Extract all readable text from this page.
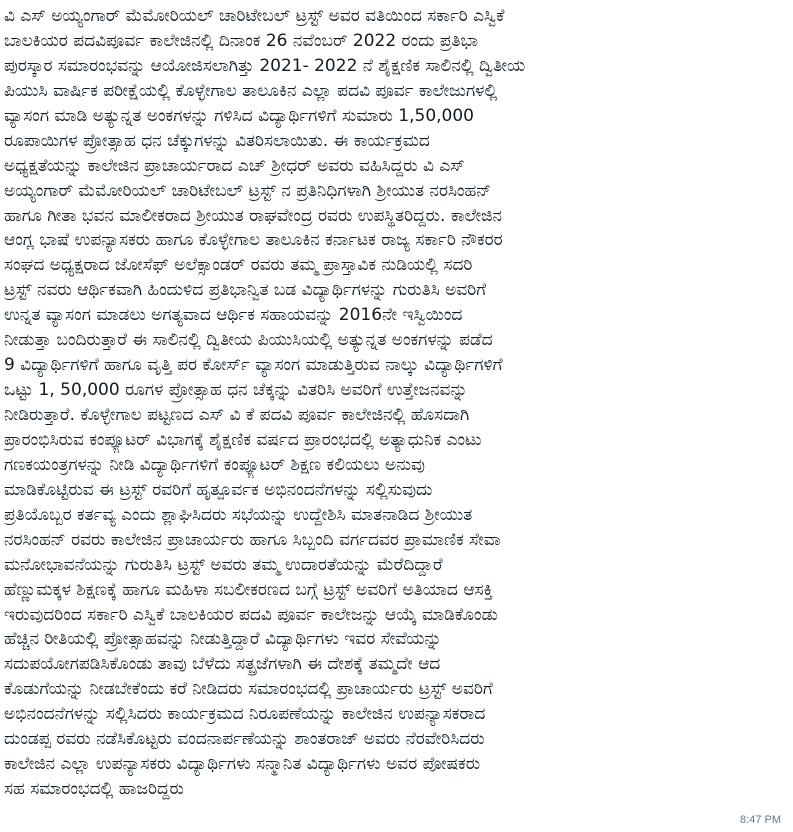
ವಿ ಎಸ್ ಅಯ್ಯಂಗಾರ್ ಮೆಮೋರಿಯಲ್ ಚಾರಿಟೇಬಲ್ ಟ್ರಸ್ಟ್ ಅವರ ವತಿಯಿಂದ ಸರ್ಕಾರಿ ಎಸ್ವಿಕೆ
ಬಾಲಕಿಯರ ಪದವಿಪೂರ್ವ ಕಾಲೇಜಿನಲ್ಲಿ ದಿನಾಂಕ 26 ನವೆಂಬರ್ 2022 ರಂದು ಪ್ರತಿಭಾ
ಪುರಸ್ಕಾರ ಸಮಾರಂಭವನ್ನು ಆಯೋಜಿಸಲಾಗಿತ್ತು 2021- 2022 ನೆ ಶೈಕ್ಷಣಿಕ ಸಾಲಿನಲ್ಲಿ ದ್ವಿತೀಯ
ಪಿಯುಸಿ ವಾರ್ಷಿಕ ಪರೀಕ್ಷೆಯಲ್ಲಿ ಕೊಳ್ಳೇಗಾಲ ತಾಲೂಕಿನ ಎಲ್ಲಾ ಪದವಿ ಪೂರ್ವ ಕಾಲೇಜುಗಳಲ್ಲಿ
ವ್ಯಾಸಂಗ ಮಾಡಿ ಅತ್ಯುನ್ನತ ಅಂಕಗಳನ್ನು ಗಳಿಸಿದ ವಿದ್ಯಾರ್ಥಿಗಳಿಗೆ ಸುಮಾರು 1,50,000
ರೂಪಾಯಿಗಳ ಪ್ರೋತ್ಸಾಹ ಧನ ಚೆಕ್ಕುಗಳನ್ನು ವಿತರಿಸಲಾಯಿತು. ಈ ಕಾರ್ಯಕ್ರಮದ
ಅಧ್ಯಕ್ಷತೆಯನ್ನು ಕಾಲೇಜಿನ ಪ್ರಾಚಾರ್ಯರಾದ ಎಚ್ ಶ್ರೀಧರ್ ಅವರು ವಹಿಸಿದ್ದರು ವಿ ಎಸ್
ಅಯ್ಯಂಗಾರ್ ಮೆಮೋರಿಯಲ್ ಚಾರಿಟೇಬಲ್ ಟ್ರಸ್ಟ್ ನ ಪ್ರತಿನಿಧಿಗಳಾಗಿ ಶ್ರೀಯುತ ನರಸಿಂಹನ್
ಹಾಗೂ ಗೀತಾ ಭವನ ಮಾಲೀಕರಾದ ಶ್ರೀಯುತ ರಾಘವೇಂದ್ರ ರವರು ಉಪಸ್ಥಿತರಿದ್ದರು. ಕಾಲೇಜಿನ
ಆಂಗ್ಲ ಭಾಷೆ ಉಪನ್ಯಾಸಕರು ಹಾಗೂ ಕೊಳ್ಳೇಗಾಲ ತಾಲೂಕಿನ ಕರ್ನಾಟಕ ರಾಜ್ಯ ಸರ್ಕಾರಿ ನೌಕರರ
ಸಂಘದ ಅಧ್ಯಕ್ಷರಾದ ಜೋಸೆಫ್ ಅಲೆಕ್ಸಾಂಡರ್ ರವರು ತಮ್ಮ ಪ್ರಾಸ್ತಾವಿಕ ನುಡಿಯಲ್ಲಿ ಸದರಿ
ಟ್ರಸ್ಟ್ ನವರು ಆರ್ಥಿಕವಾಗಿ ಹಿಂದುಳಿದ ಪ್ರತಿಭಾನ್ವಿತ ಬಡ ವಿದ್ಯಾರ್ಥಿಗಳನ್ನು ಗುರುತಿಸಿ ಅವರಿಗೆ
ಉನ್ನತ ವ್ಯಾಸಂಗ ಮಾಡಲು ಅಗತ್ಯವಾದ ಆರ್ಥಿಕ ಸಹಾಯವನ್ನು 2016ನೇ ಇಸ್ವಿಯಿಂದ
ನೀಡುತ್ತಾ ಬಂದಿರುತ್ತಾರೆ ಈ ಸಾಲಿನಲ್ಲಿ ದ್ವಿತೀಯ ಪಿಯುಸಿಯಲ್ಲಿ ಅತ್ಯುನ್ನತ ಅಂಕಗಳನ್ನು ಪಡೆದ
9 ವಿದ್ಯಾರ್ಥಿಗಳಿಗೆ ಹಾಗೂ ವೃತ್ತಿ ಪರ ಕೋರ್ಸ್ ವ್ಯಾಸಂಗ ಮಾಡುತ್ತಿರುವ ನಾಲ್ಕು ವಿದ್ಯಾರ್ಥಿಗಳಿಗೆ
ಒಟ್ಟು 1, 50,000 ರೂಗಳ ಪ್ರೋತ್ಸಾಹ ಧನ ಚೆಕ್ಕನ್ನು ವಿತರಿಸಿ ಅವರಿಗೆ ಉತ್ತೇಜನವನ್ನು
ನೀಡಿರುತ್ತಾರೆ. ಕೊಳ್ಳೇಗಾಲ ಪಟ್ಟಣದ ಎಸ್ ವಿ ಕೆ ಪದವಿ ಪೂರ್ವ ಕಾಲೇಜಿನಲ್ಲಿ ಹೊಸದಾಗಿ
ಪ್ರಾರಂಭಿಸಿರುವ ಕಂಪ್ಯೂಟರ್ ವಿಭಾಗಕ್ಕೆ ಶೈಕ್ಷಣಿಕ ವರ್ಷದ ಪ್ರಾರಂಭದಲ್ಲಿ ಅತ್ಯಾಧುನಿಕ ಎಂಟು
ಗಣಕಯಂತ್ರಗಳನ್ನು ನೀಡಿ ವಿದ್ಯಾರ್ಥಿಗಳಿಗೆ ಕಂಪ್ಯೂಟರ್ ಶಿಕ್ಷಣ ಕಲಿಯಲು ಅನುವು
ಮಾಡಿಕೊಟ್ಟಿರುವ ಈ ಟ್ರಸ್ಟ್ ರವರಿಗೆ ಹೃತ್ಪೂರ್ವಕ ಅಭಿನಂದನೆಗಳನ್ನು ಸಲ್ಲಿಸುವುದು
ಪ್ರತಿಯೊಬ್ಬರ ಕರ್ತವ್ಯ ಎಂದು ಶ್ಲಾಘಿಸಿದರು ಸಭೆಯನ್ನು ಉದ್ದೇಶಿಸಿ ಮಾತನಾಡಿದ ಶ್ರೀಯುತ
ನರಸಿಂಹನ್ ರವರು ಕಾಲೇಜಿನ ಪ್ರಾಚಾರ್ಯರು ಹಾಗೂ ಸಿಬ್ಬಂದಿ ವರ್ಗದವರ ಪ್ರಾಮಾಣಿಕ ಸೇವಾ
ಮನೋಭಾವನೆಯನ್ನು ಗುರುತಿಸಿ ಟ್ರಸ್ಟ್ ಅವರು ತಮ್ಮ ಉದಾರತೆಯನ್ನು ಮೆರೆದಿದ್ದಾರೆ
ಹೆಣ್ಣುಮಕ್ಕಳ ಶಿಕ್ಷಣಕ್ಕೆ ಹಾಗೂ ಮಹಿಳಾ ಸಬಲೀಕರಣದ ಬಗ್ಗೆ ಟ್ರಸ್ಟ್ ಅವರಿಗೆ ಅತಿಯಾದ ಆಸಕ್ತಿ
ಇರುವುದರಿಂದ ಸರ್ಕಾರಿ ಎಸ್ವಿಕೆ ಬಾಲಕಿಯರ ಪದವಿ ಪೂರ್ವ ಕಾಲೇಜನ್ನು ಆಯ್ಕೆ ಮಾಡಿಕೊಂಡು
ಹೆಚ್ಚಿನ ರೀತಿಯಲ್ಲಿ ಪ್ರೋತ್ಸಾಹವನ್ನು ನೀಡುತ್ತಿದ್ದಾರೆ ವಿದ್ಯಾರ್ಥಿಗಳು ಇವರ ಸೇವೆಯನ್ನು
ಸದುಪಯೋಗಪಡಿಸಿಕೊಂಡು ತಾವು ಬೆಳೆದು ಸತ್ಪ್ರಜೆಗಳಾಗಿ ಈ ದೇಶಕ್ಕೆ ತಮ್ಮದೇ ಆದ
ಕೊಡುಗೆಯನ್ನು ನೀಡಬೇಕೆಂದು ಕರೆ ನೀಡಿದರು ಸಮಾರಂಭದಲ್ಲಿ ಪ್ರಾಚಾರ್ಯರು ಟ್ರಸ್ಟ್ ಅವರಿಗೆ
ಅಭಿನಂದನೆಗಳನ್ನು ಸಲ್ಲಿಸಿದರು ಕಾರ್ಯಕ್ರಮದ ನಿರೂಪಣೆಯನ್ನು ಕಾಲೇಜಿನ ಉಪನ್ಯಾಸಕರಾದ
ದುಂಡಪ್ಪ ರವರು ನಡೆಸಿಕೊಟ್ಟರು ವಂದನಾರ್ಪಣೆಯನ್ನು ಶಾಂತರಾಜ್ ಅವರು ನೆರವೇರಿಸಿದರು
ಕಾಲೇಜಿನ ಎಲ್ಲಾ ಉಪನ್ಯಾಸಕರು ವಿದ್ಯಾರ್ಥಿಗಳು ಸನ್ಮಾನಿತ ವಿದ್ಯಾರ್ಥಿಗಳು ಅವರ ಪೋಷಕರು
ಸಹ ಸಮಾರಂಭದಲ್ಲಿ ಹಾಜರಿದ್ದರು
8:47 PM
